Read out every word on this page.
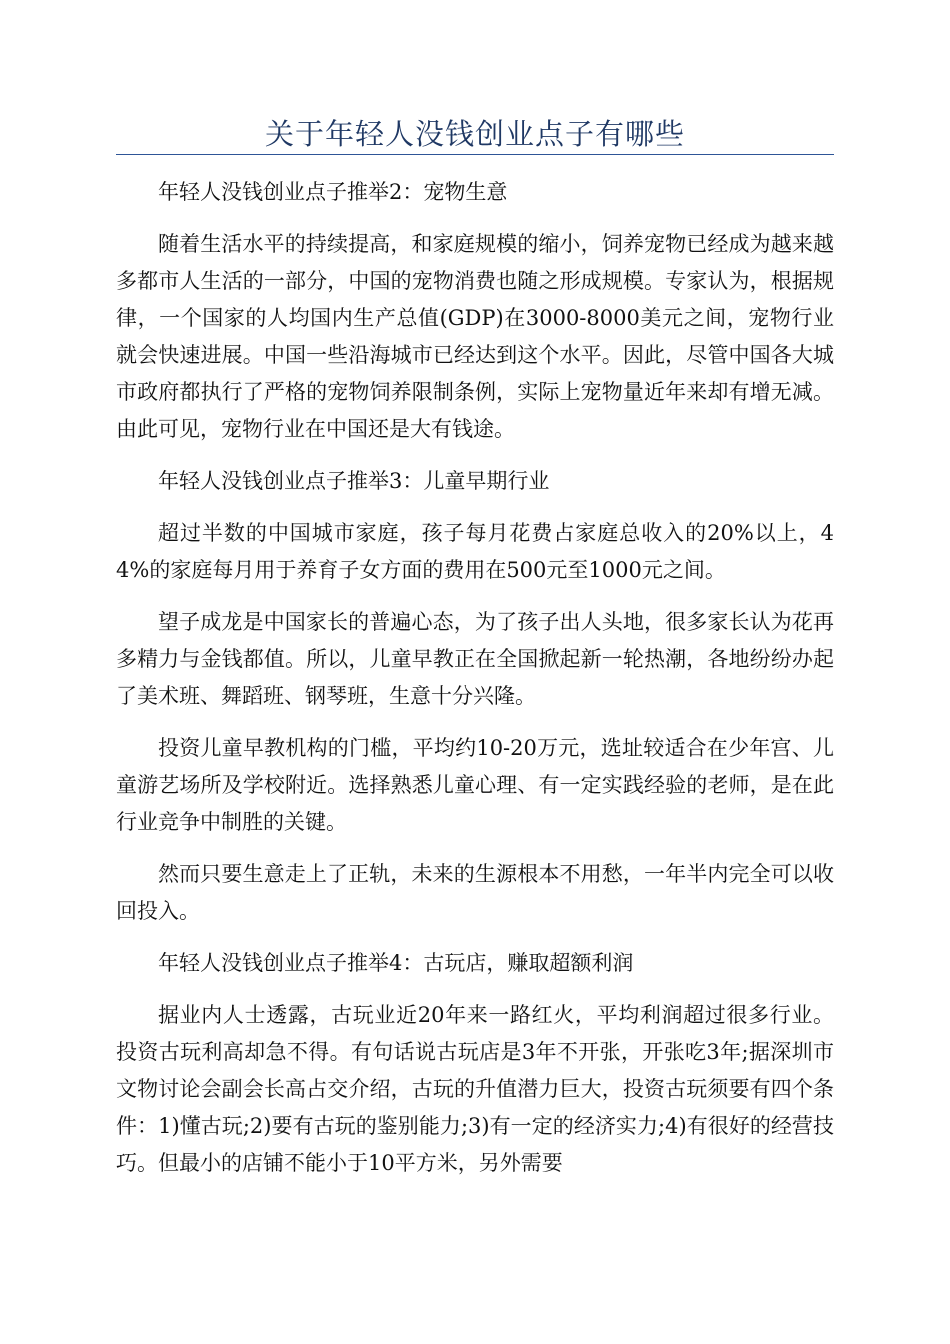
关于年轻人没钱创业点子有哪些

年轻人没钱创业点子推举2：宠物生意

随着生活水平的持续提高，和家庭规模的缩小，饲养宠物已经成为越来越多都市人生活的一部分，中国的宠物消费也随之形成规模。专家认为，根据规律，一个国家的人均国内生产总值(GDP)在3000-8000美元之间，宠物行业就会快速进展。中国一些沿海城市已经达到这个水平。因此，尽管中国各大城市政府都执行了严格的宠物饲养限制条例，实际上宠物量近年来却有增无减。由此可见，宠物行业在中国还是大有钱途。

年轻人没钱创业点子推举3：儿童早期行业

超过半数的中国城市家庭，孩子每月花费占家庭总收入的20%以上，44%的家庭每月用于养育子女方面的费用在500元至1000元之间。

望子成龙是中国家长的普遍心态，为了孩子出人头地，很多家长认为花再多精力与金钱都值。所以，儿童早教正在全国掀起新一轮热潮，各地纷纷办起了美术班、舞蹈班、钢琴班，生意十分兴隆。

投资儿童早教机构的门槛，平均约10-20万元，选址较适合在少年宫、儿童游艺场所及学校附近。选择熟悉儿童心理、有一定实践经验的老师，是在此行业竞争中制胜的关键。

然而只要生意走上了正轨，未来的生源根本不用愁，一年半内完全可以收回投入。

年轻人没钱创业点子推举4：古玩店，赚取超额利润

据业内人士透露，古玩业近20年来一路红火，平均利润超过很多行业。投资古玩利高却急不得。有句话说古玩店是3年不开张，开张吃3年;据深圳市文物讨论会副会长高占交介绍，古玩的升值潜力巨大，投资古玩须要有四个条件：1)懂古玩;2)要有古玩的鉴别能力;3)有一定的经济实力;4)有很好的经营技巧。但最小的店铺不能小于10平方米，另外需要
